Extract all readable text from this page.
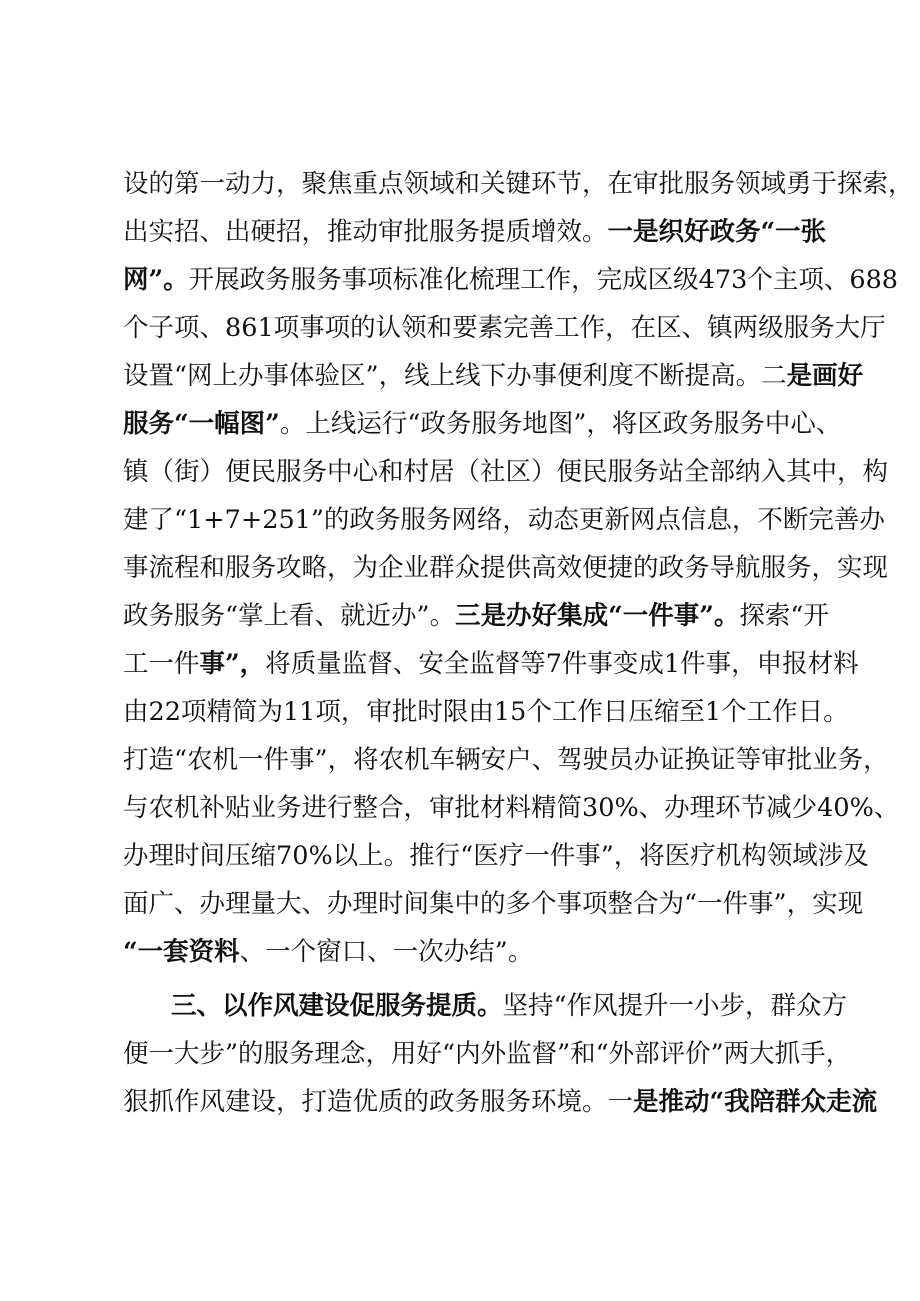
设的第一动力，聚焦重点领域和关键环节，在审批服务领域勇于探索，
出实招、出硬招，推动审批服务提质增效。一是织好政务“一张
网”。开展政务服务事项标准化梳理工作，完成区级473个主项、688
个子项、861项事项的认领和要素完善工作，在区、镇两级服务大厅
设置“网上办事体验区”，线上线下办事便利度不断提高。二是画好
服务“一幅图”。上线运行“政务服务地图”，将区政务服务中心、
镇（街）便民服务中心和村居（社区）便民服务站全部纳入其中，构
建了“1+7+251”的政务服务网络，动态更新网点信息，不断完善办
事流程和服务攻略，为企业群众提供高效便捷的政务导航服务，实现
政务服务“掌上看、就近办”。三是办好集成“一件事”。探索“开
工一件事”，将质量监督、安全监督等7件事变成1件事，申报材料
由22项精简为11项，审批时限由15个工作日压缩至1个工作日。
打造“农机一件事”，将农机车辆安户、驾驶员办证换证等审批业务，
与农机补贴业务进行整合，审批材料精简30%、办理环节减少40%、
办理时间压缩70%以上。推行“医疗一件事”，将医疗机构领域涉及
面广、办理量大、办理时间集中的多个事项整合为“一件事”，实现
“一套资料、一个窗口、一次办结”。
三、以作风建设促服务提质。坚持“作风提升一小步，群众方
便一大步”的服务理念，用好“内外监督”和“外部评价”两大抓手，
狠抓作风建设，打造优质的政务服务环境。一是推动“我陪群众走流
